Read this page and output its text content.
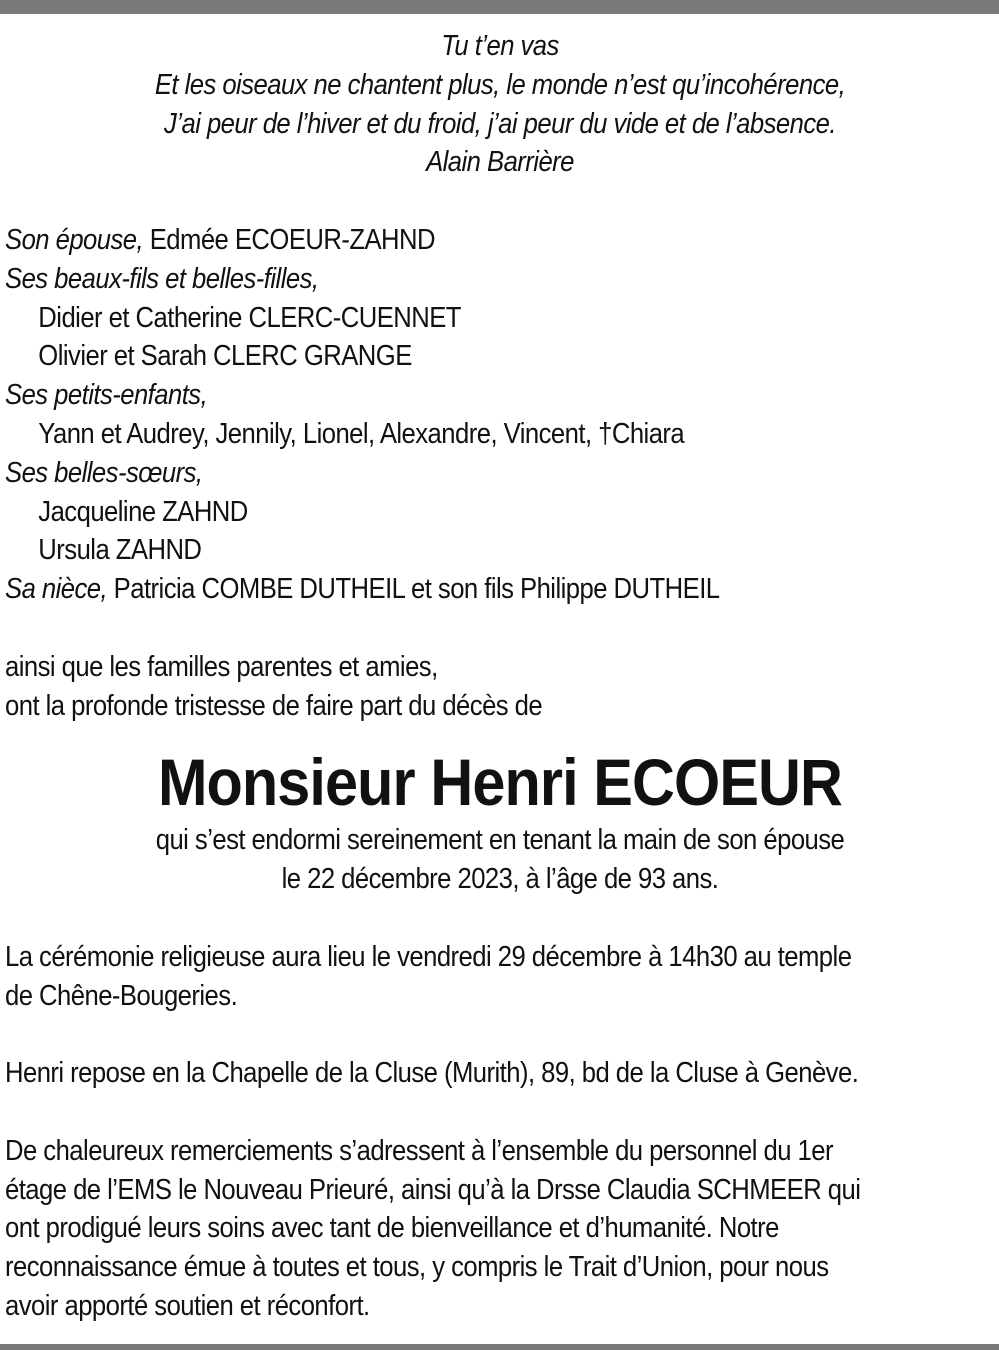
Tu t’en vas
Et les oiseaux ne chantent plus, le monde n’est qu’incohérence,
J’ai peur de l’hiver et du froid, j’ai peur du vide et de l’absence.
Alain Barrière
Son épouse, Edmée ECOEUR-ZAHND
Ses beaux-fils et belles-filles,
Didier et Catherine CLERC-CUENNET
Olivier et Sarah CLERC GRANGE
Ses petits-enfants,
Yann et Audrey, Jennily, Lionel, Alexandre, Vincent, †Chiara
Ses belles-sœurs,
Jacqueline ZAHND
Ursula ZAHND
Sa nièce, Patricia COMBE DUTHEIL et son fils Philippe DUTHEIL
ainsi que les familles parentes et amies,
ont la profonde tristesse de faire part du décès de
Monsieur Henri ECOEUR
qui s’est endormi sereinement en tenant la main de son épouse
le 22 décembre 2023, à l’âge de 93 ans.
La cérémonie religieuse aura lieu le vendredi 29 décembre à 14h30 au temple
de Chêne-Bougeries.
Henri repose en la Chapelle de la Cluse (Murith), 89, bd de la Cluse à Genève.
De chaleureux remerciements s’adressent à l’ensemble du personnel du 1er
étage de l’EMS le Nouveau Prieuré, ainsi qu’à la Drsse Claudia SCHMEER qui
ont prodigué leurs soins avec tant de bienveillance et d’humanité. Notre
reconnaissance émue à toutes et tous, y compris le Trait d’Union, pour nous
avoir apporté soutien et réconfort.
